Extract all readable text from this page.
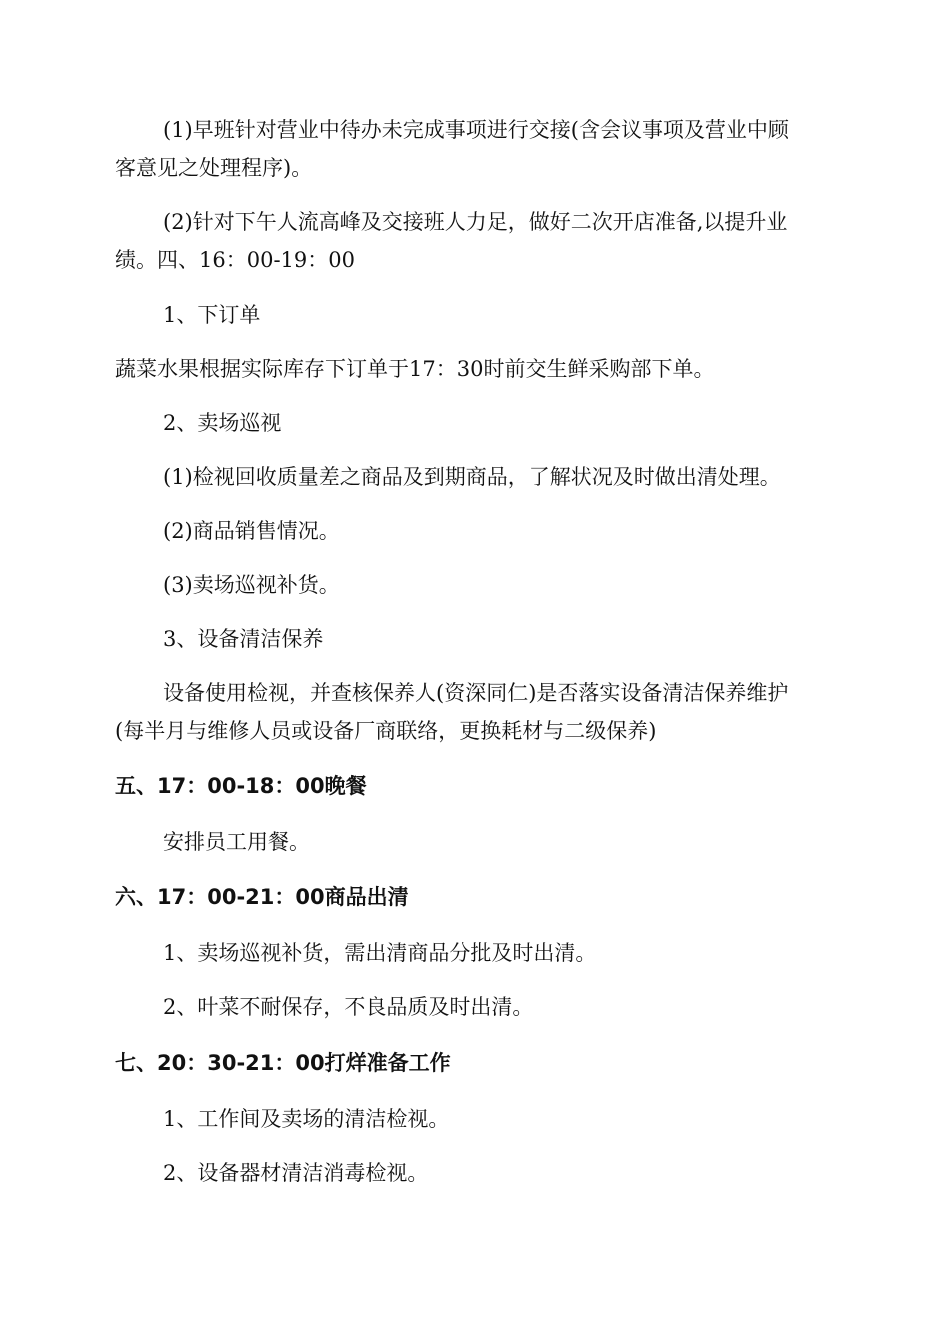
(1)早班针对营业中待办未完成事项进行交接(含会议事项及营业中顾
客意见之处理程序)。
(2)针对下午人流高峰及交接班人力足，做好二次开店准备,以提升业
绩。四、16：00-19：00
1、下订单
蔬菜水果根据实际库存下订单于17：30时前交生鲜采购部下单。
2、卖场巡视
(1)检视回收质量差之商品及到期商品，了解状况及时做出清处理。
(2)商品销售情况。
(3)卖场巡视补货。
3、设备清洁保养
设备使用检视，并查核保养人(资深同仁)是否落实设备清洁保养维护
(每半月与维修人员或设备厂商联络，更换耗材与二级保养)
五、17：00-18：00晚餐
安排员工用餐。
六、17：00-21：00商品出清
1、卖场巡视补货，需出清商品分批及时出清。
2、叶菜不耐保存，不良品质及时出清。
七、20：30-21：00打烊准备工作
1、工作间及卖场的清洁检视。
2、设备器材清洁消毒检视。
